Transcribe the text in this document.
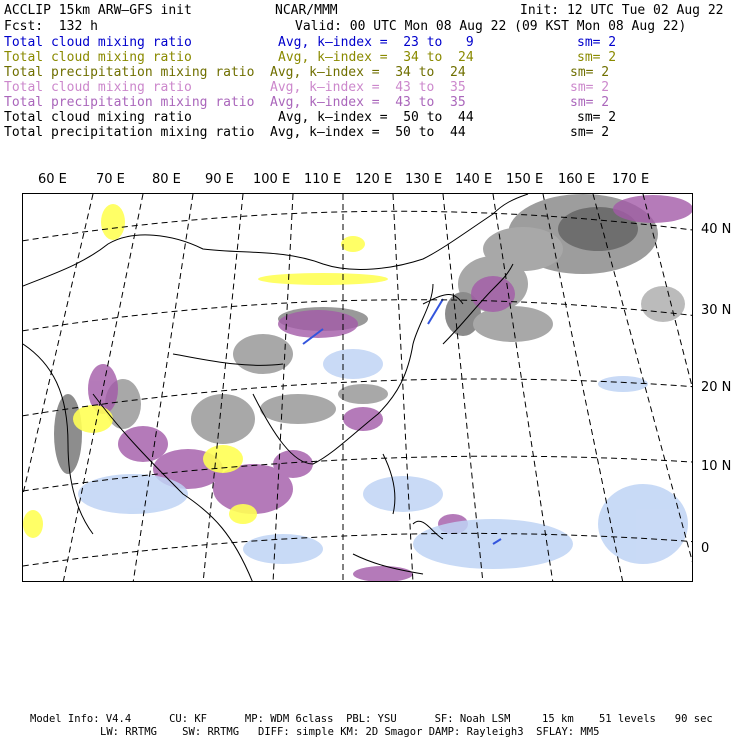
ACCLIP 15km ARW–GFS init	NCAR/MMM	Init: 12 UTC Tue 02 Aug 22
Fcst:  132 h	Valid: 00 UTC Mon 08 Aug 22 (09 KST Mon 08 Aug 22)
Total cloud mixing ratio	Avg, k–index =  23 to   9	sm= 2
Total cloud mixing ratio	Avg, k–index =  34 to  24	sm= 2
Total precipitation mixing ratio Avg, k–index =  34 to  24	sm= 2
Total cloud mixing ratio	Avg, k–index =  43 to  35	sm= 2
Total precipitation mixing ratio Avg, k–index =  43 to  35	sm= 2
Total cloud mixing ratio	Avg, k–index =  50 to  44	sm= 2
Total precipitation mixing ratio Avg, k–index =  50 to  44	sm= 2
60 E 70 E 80 E 90 E 100 E 110 E 120 E 130 E 140 E 150 E 160 E 170 E
40 N
30 N
20 N
10 N
0
Model Info: V4.4      CU: KF      MP: WDM 6class  PBL: YSU      SF: Noah LSM     15 km    51 levels   90 sec
LW: RRTMG    SW: RRTMG   DIFF: simple KM: 2D Smagor DAMP: Rayleigh3  SFLAY: MM5
